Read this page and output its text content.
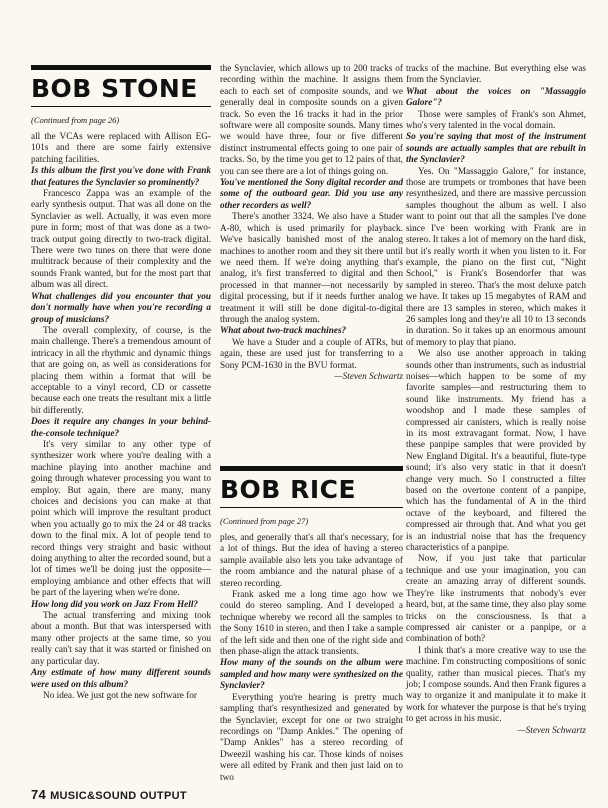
BOB STONE
(Continued from page 26)

all the VCAs were replaced with Allison EG-101s and there are some fairly extensive patching facilities.

Is this album the first you've done with Frank that features the Synclavier so prominently?

Francesco Zappa was an example of the early synthesis output. That was all done on the Synclavier as well. Actually, it was even more pure in form; most of that was done as a two-track output going directly to two-track digital. There were two tunes on there that were done multitrack because of their complexity and the sounds Frank wanted, but for the most part that album was all direct.

What challenges did you encounter that you don't normally have when you're recording a group of musicians?

The overall complexity, of course, is the main challenge. There's a tremendous amount of intricacy in all the rhythmic and dynamic things that are going on, as well as considerations for placing them within a format that will be acceptable to a vinyl record, CD or cassette because each one treats the resultant mix a little bit differently.

Does it require any changes in your behind-the-console technique?

It's very similar to any other type of synthesizer work where you're dealing with a machine playing into another machine and going through whatever processing you want to employ. But again, there are many, many choices and decisions you can make at that point which will improve the resultant product when you actually go to mix the 24 or 48 tracks down to the final mix. A lot of people tend to record things very straight and basic without doing anything to alter the recorded sound, but a lot of times we'll be doing just the opposite—employing ambiance and other effects that will be part of the layering when we're done.

How long did you work on Jazz From Hell?

The actual transferring and mixing took about a month. But that was interspersed with many other projects at the same time, so you really can't say that it was started or finished on any particular day.

Any estimate of how many different sounds were used on this album?

No idea. We just got the new software for

the Synclavier, which allows up to 200 tracks of recording within the machine. It assigns them each to each set of composite sounds, and we generally deal in composite sounds on a given track. So even the 16 tracks it had in the prior software were all composite sounds. Many times we would have three, four or five different distinct instrumental effects going to one pair of tracks. So, by the time you get to 12 pairs of that, you can see there are a lot of things going on.

You've mentioned the Sony digital recorder and some of the outboard gear. Did you use any other recorders as well?

There's another 3324. We also have a Studer A-80, which is used primarily for playback. We've basically banished most of the analog machines to another room and they sit there until we need them. If we're doing anything that's analog, it's first transferred to digital and then processed in that manner—not necessarily by digital processing, but if it needs further analog treatment it will still be done digital-to-digital through the analog system.

What about two-track machines?

We have a Studer and a couple of ATRs, but again, these are used just for transferring to a Sony PCM-1630 in the BVU format.

—Steven Schwartz

BOB RICE
(Continued from page 27)

ples, and generally that's all that's necessary, for a lot of things. But the idea of having a stereo sample available also lets you take advantage of the room ambiance and the natural phase of a stereo recording.

Frank asked me a long time ago how we could do stereo sampling. And I developed a technique whereby we record all the samples to the Sony 1610 in stereo, and then I take a sample of the left side and then one of the right side and then phase-align the attack transients.

How many of the sounds on the album were sampled and how many were synthesized on the Synclavier?

Everything you're hearing is pretty much sampling that's resynthesized and generated by the Synclavier, except for one or two straight recordings on "Damp Ankles." The opening of "Damp Ankles" has a stereo recording of Dweezil washing his car. Those kinds of noises were all edited by Frank and then just laid on to two

tracks of the machine. But everything else was from the Synclavier.

What about the voices on "Massaggio Galore"?

Those were samples of Frank's son Ahmet, who's very talented in the vocal domain.

So you're saying that most of the instrument sounds are actually samples that are rebuilt in the Synclavier?

Yes. On "Massaggio Galore," for instance, those are trumpets or trombones that have been resynthesized, and there are massive percussion samples thoughout the album as well. I also want to point out that all the samples I've done since I've been working with Frank are in stereo. It takes a lot of memory on the hard disk, but it's really worth it when you listen to it. For example, the piano on the first cut, "Night School," is Frank's Bosendorfer that was sampled in stereo. That's the most deluxe patch we have. It takes up 15 megabytes of RAM and there are 13 samples in stereo, which makes it 26 samples long and they're all 10 to 13 seconds in duration. So it takes up an enormous amount of memory to play that piano.

We also use another approach in taking sounds other than instruments, such as industrial noises—which happen to be some of my favorite samples—and restructuring them to sound like instruments. My friend has a woodshop and I made these samples of compressed air canisters, which is really noise in its most extravagant format. Now, I have these panpipe samples that were provided by New England Digital. It's a beautiful, flute-type sound; it's also very static in that it doesn't change very much. So I constructed a filter based on the overtone content of a panpipe, which has the fundamental of A in the third octave of the keyboard, and filtered the compressed air through that. And what you get is an industrial noise that has the frequency characteristics of a panpipe.

Now, if you just take that particular technique and use your imagination, you can create an amazing array of different sounds. They're like instruments that nobody's ever heard, but, at the same time, they also play some tricks on the consciousness. Is that a compressed air canister or a panpipe, or a combination of both?

I think that's a more creative way to use the machine. I'm constructing compositions of sonic quality, rather than musical pieces. That's my job; I compose sounds. And then Frank figures a way to organize it and manipulate it to make it work for whatever the purpose is that he's trying to get across in his music.

—Steven Schwartz

74 MUSIC&SOUND OUTPUT
